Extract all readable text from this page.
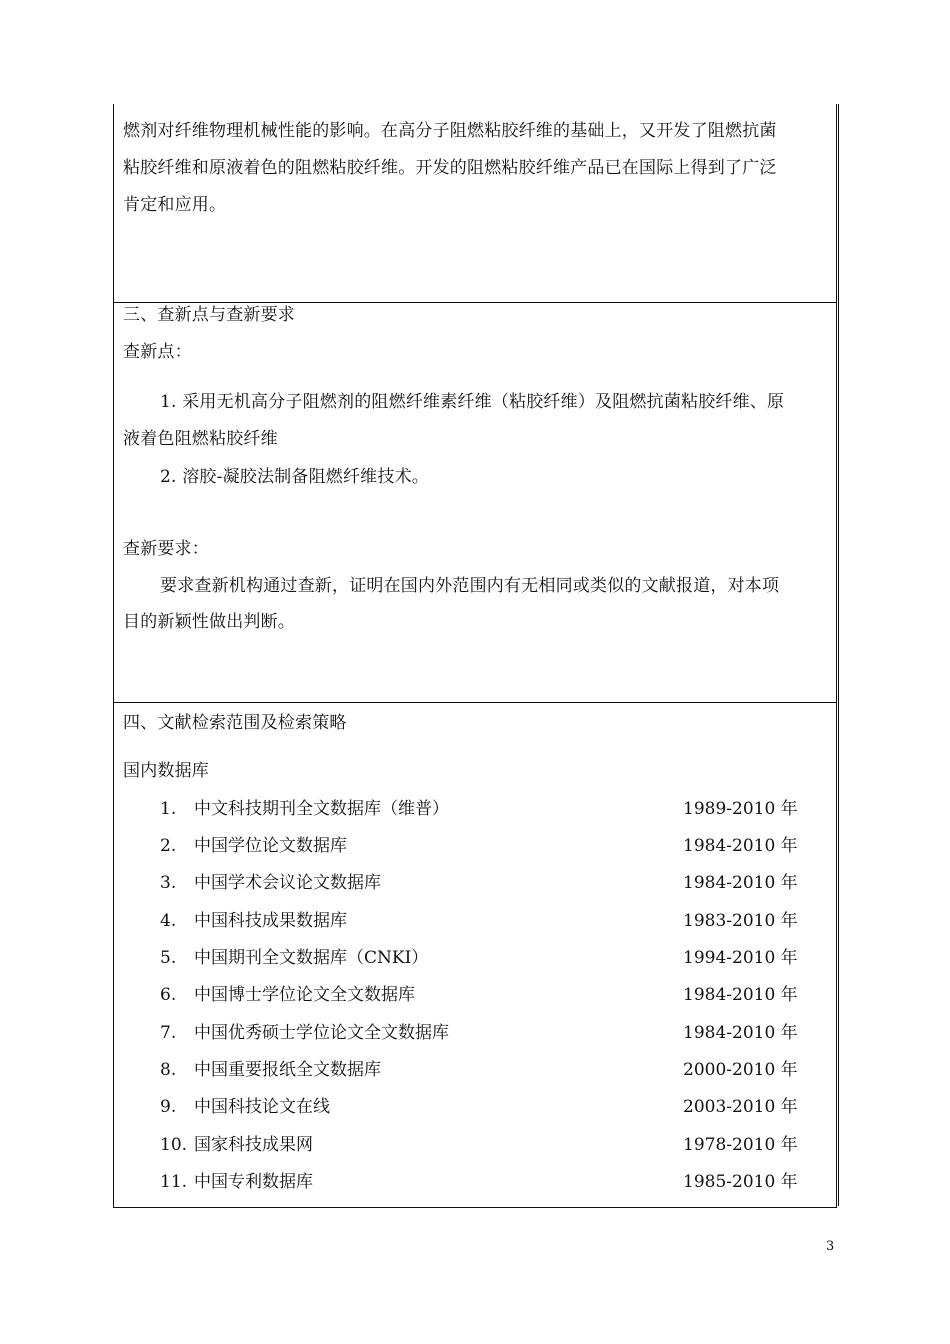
燃剂对纤维物理机械性能的影响。在高分子阻燃粘胶纤维的基础上，又开发了阻燃抗菌
粘胶纤维和原液着色的阻燃粘胶纤维。开发的阻燃粘胶纤维产品已在国际上得到了广泛
肯定和应用。
三、查新点与查新要求
查新点：
1. 采用无机高分子阻燃剂的阻燃纤维素纤维（粘胶纤维）及阻燃抗菌粘胶纤维、原
液着色阻燃粘胶纤维
2. 溶胶-凝胶法制备阻燃纤维技术。
查新要求：
要求查新机构通过查新，证明在国内外范围内有无相同或类似的文献报道，对本项
目的新颖性做出判断。
四、文献检索范围及检索策略
国内数据库
1. 中文科技期刊全文数据库（维普）	1989-2010 年
2. 中国学位论文数据库	1984-2010 年
3. 中国学术会议论文数据库	1984-2010 年
4. 中国科技成果数据库	1983-2010 年
5. 中国期刊全文数据库（CNKI）	1994-2010 年
6. 中国博士学位论文全文数据库	1984-2010 年
7. 中国优秀硕士学位论文全文数据库	1984-2010 年
8. 中国重要报纸全文数据库	2000-2010 年
9. 中国科技论文在线	2003-2010 年
10. 国家科技成果网	1978-2010 年
11. 中国专利数据库	1985-2010 年
3
